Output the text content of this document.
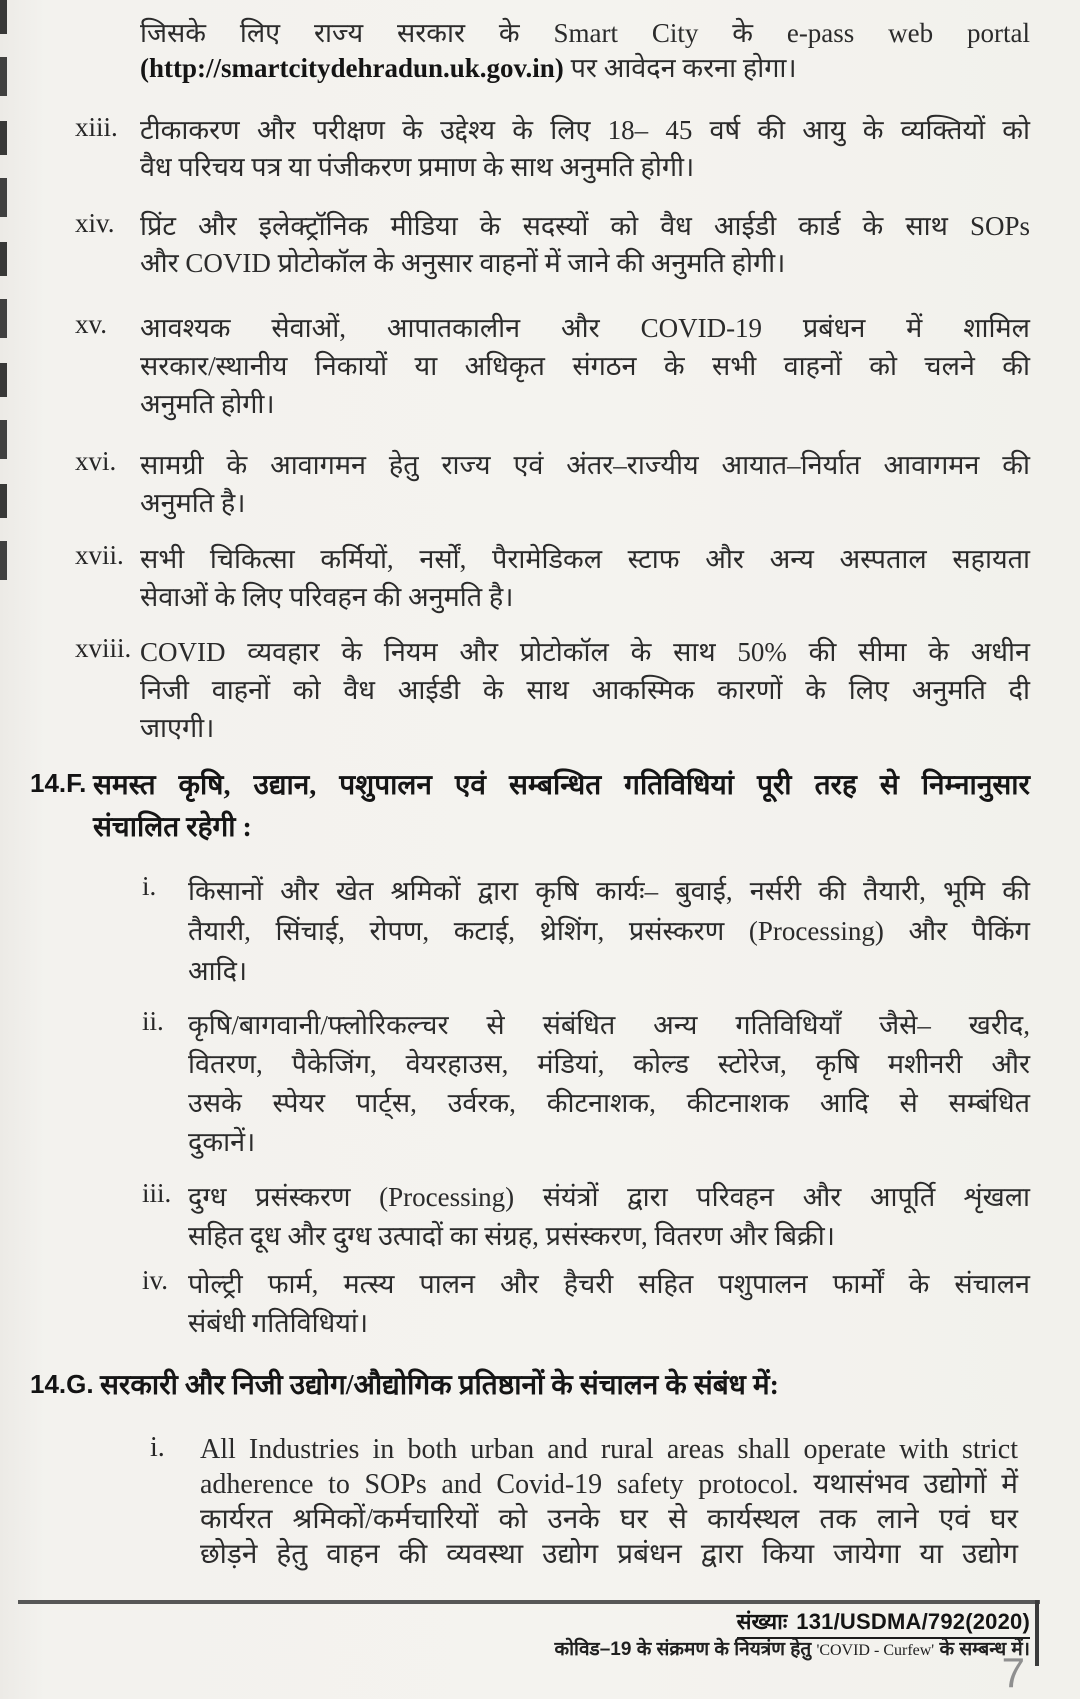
जिसके लिए राज्य सरकार के Smart City के e-pass web portal
(http://smartcitydehradun.uk.gov.in) पर आवेदन करना होगा।
xiii. टीकाकरण और परीक्षण के उद्देश्य के लिए 18– 45 वर्ष की आयु के व्यक्तियों को
वैध परिचय पत्र या पंजीकरण प्रमाण के साथ अनुमति होगी।
xiv. प्रिंट और इलेक्ट्रॉनिक मीडिया के सदस्यों को वैध आईडी कार्ड के साथ SOPs
और COVID प्रोटोकॉल के अनुसार वाहनों में जाने की अनुमति होगी।
xv. आवश्यक सेवाओं, आपातकालीन और COVID-19 प्रबंधन में शामिल
सरकार/स्थानीय निकायों या अधिकृत संगठन के सभी वाहनों को चलने की
अनुमति होगी।
xvi. सामग्री के आवागमन हेतु राज्य एवं अंतर–राज्यीय आयात–निर्यात आवागमन की
अनुमति है।
xvii. सभी चिकित्सा कर्मियों, नर्सों, पैरामेडिकल स्टाफ और अन्य अस्पताल सहायता
सेवाओं के लिए परिवहन की अनुमति है।
xviii. COVID व्यवहार के नियम और प्रोटोकॉल के साथ 50% की सीमा के अधीन
निजी वाहनों को वैध आईडी के साथ आकस्मिक कारणों के लिए अनुमति दी
जाएगी।
14.F. समस्त कृषि, उद्यान, पशुपालन एवं सम्बन्धित गतिविधियां पूरी तरह से निम्नानुसार
संचालित रहेगी :
i. किसानों और खेत श्रमिकों द्वारा कृषि कार्यः– बुवाई, नर्सरी की तैयारी, भूमि की
तैयारी, सिंचाई, रोपण, कटाई, थ्रेशिंग, प्रसंस्करण (Processing) और पैकिंग
आदि।
ii. कृषि/बागवानी/फ्लोरिकल्चर से संबंधित अन्य गतिविधियाँ जैसे– खरीद,
वितरण, पैकेजिंग, वेयरहाउस, मंडियां, कोल्ड स्टोरेज, कृषि मशीनरी और
उसके स्पेयर पार्ट्स, उर्वरक, कीटनाशक, कीटनाशक आदि से सम्बंधित
दुकानें।
iii. दुग्ध प्रसंस्करण (Processing) संयंत्रों द्वारा परिवहन और आपूर्ति शृंखला
सहित दूध और दुग्ध उत्पादों का संग्रह, प्रसंस्करण, वितरण और बिक्री।
iv. पोल्ट्री फार्म, मत्स्य पालन और हैचरी सहित पशुपालन फार्मों के संचालन
संबंधी गतिविधियां।
14.G. सरकारी और निजी उद्योग/औद्योगिक प्रतिष्ठानों के संचालन के संबंध में:
i. All Industries in both urban and rural areas shall operate with strict
adherence to SOPs and Covid-19 safety protocol. यथासंभव उद्योगों में
कार्यरत श्रमिकों/कर्मचारियों को उनके घर से कार्यस्थल तक लाने एवं घर
छोड़ने हेतु वाहन की व्यवस्था उद्योग प्रबंधन द्वारा किया जायेगा या उद्योग
संख्याः 131/USDMA/792(2020)
कोविड–19 के संक्रमण के नियत्रंण हेतु 'COVID - Curfew' के सम्बन्ध में।
7
